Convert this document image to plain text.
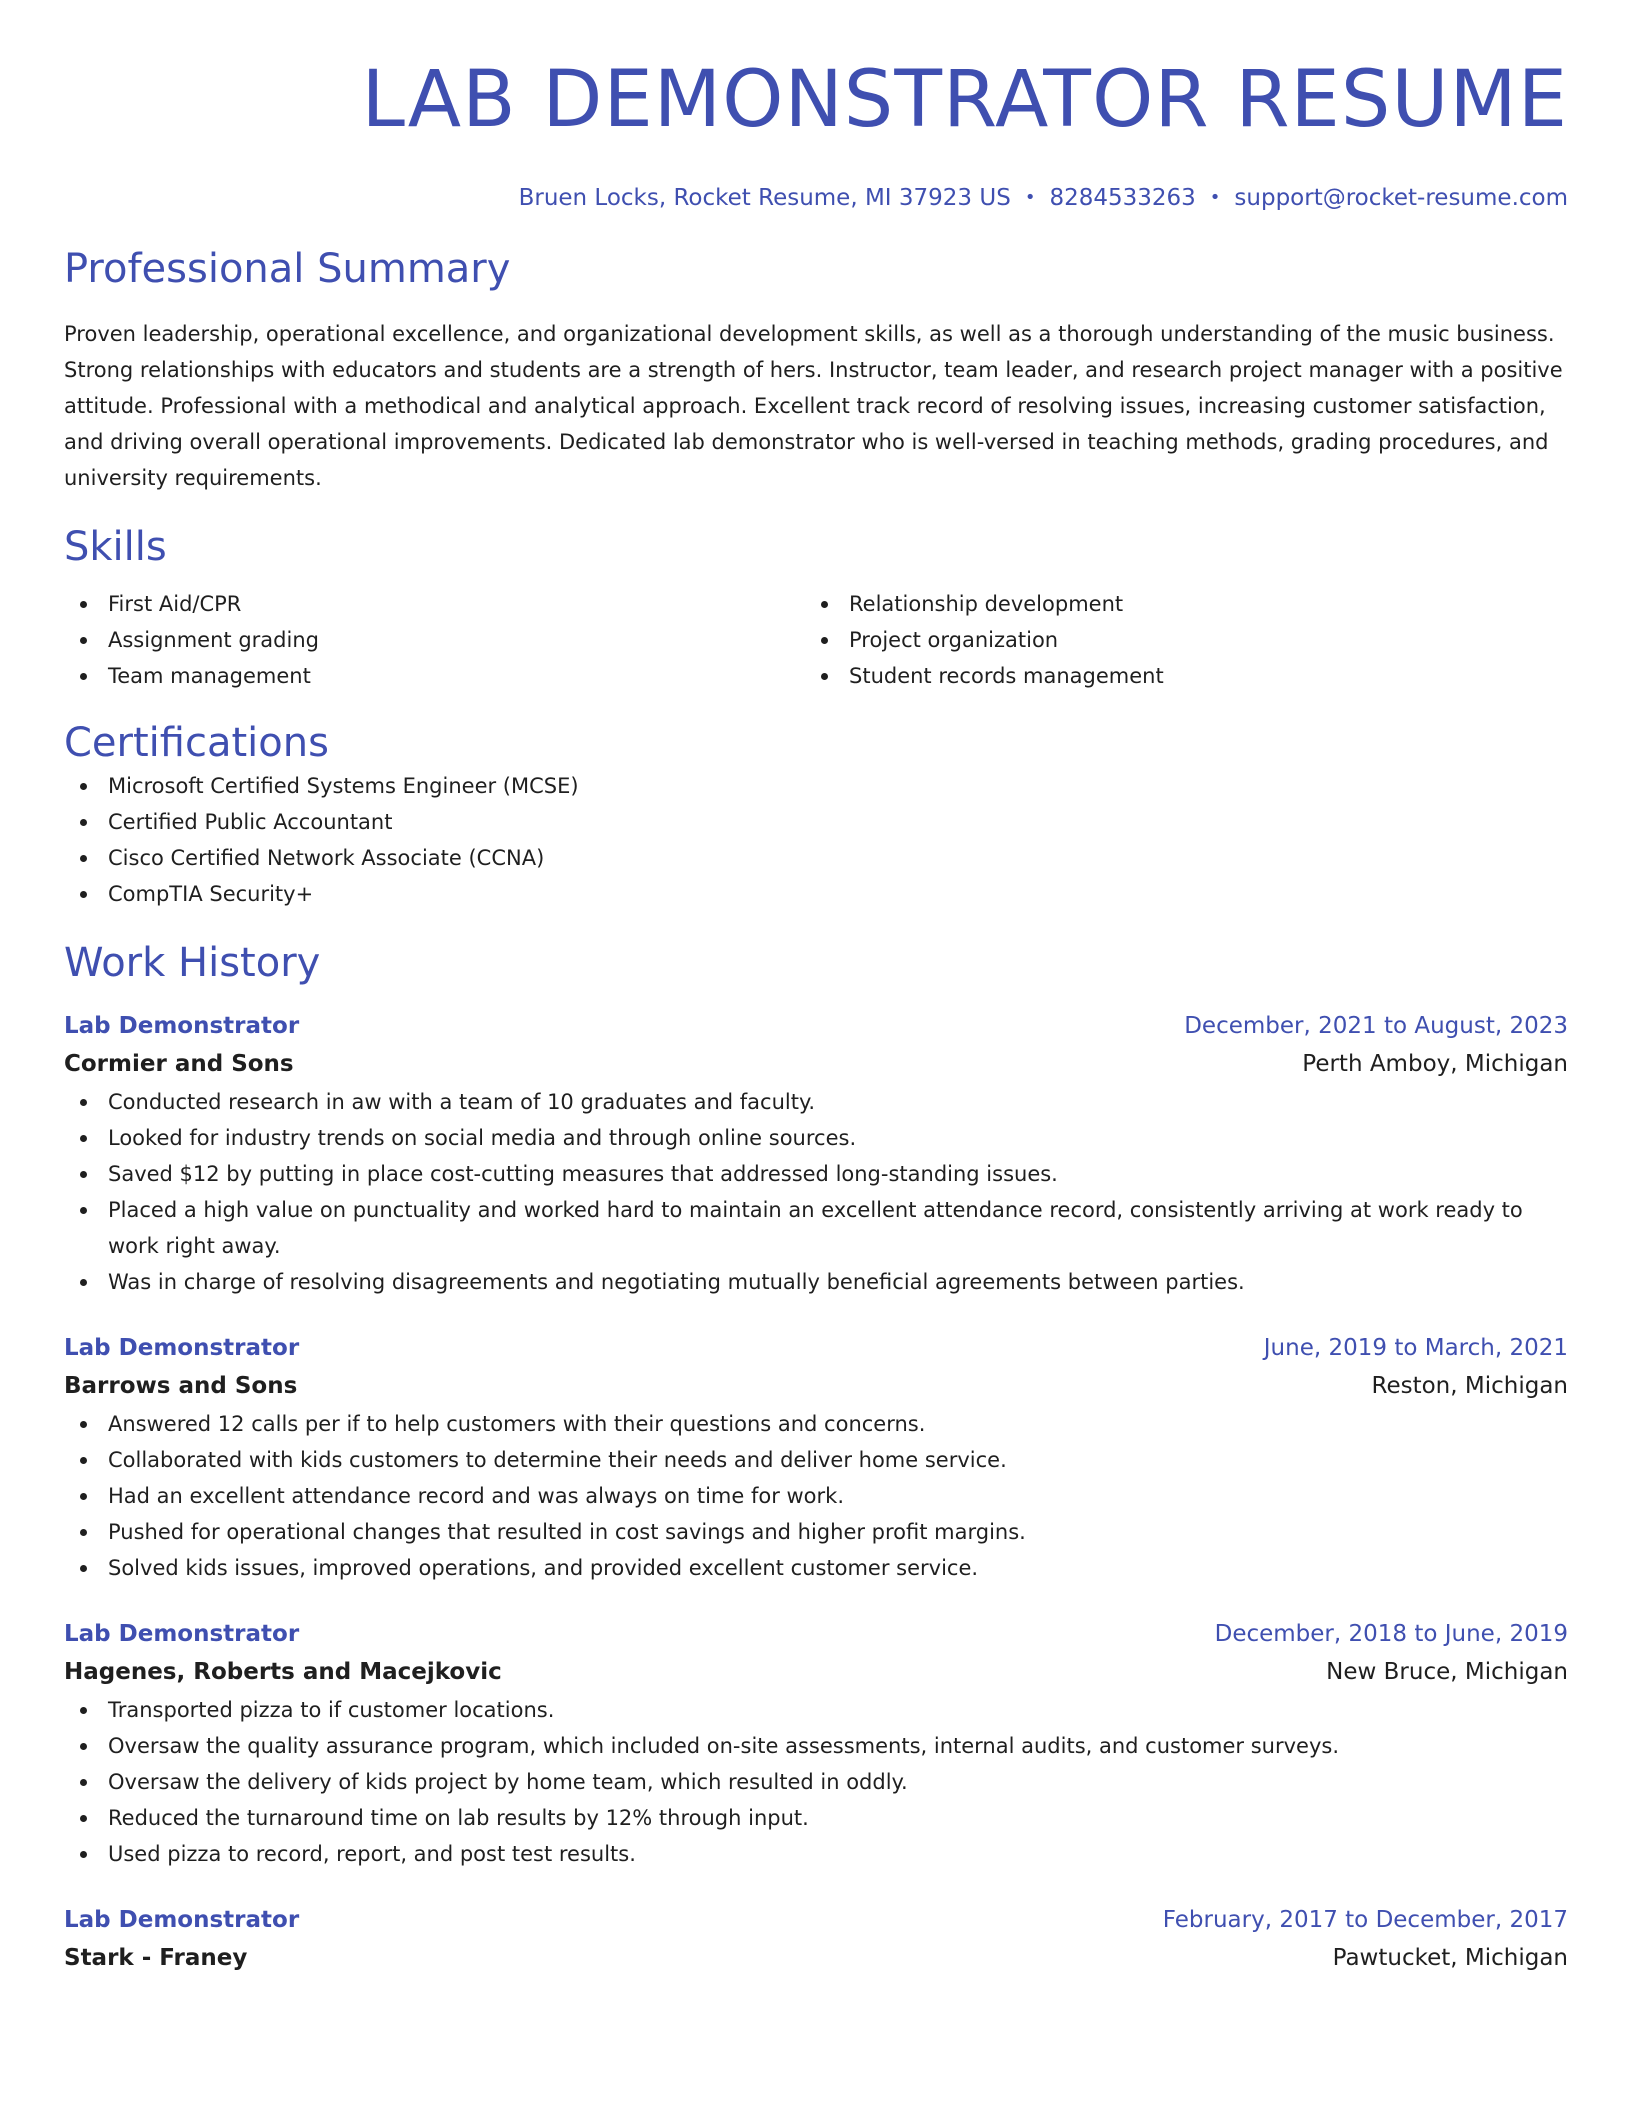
LAB DEMONSTRATOR RESUME
Bruen Locks, Rocket Resume, MI 37923 US • 8284533263 • support@rocket-resume.com
Professional Summary
Proven leadership, operational excellence, and organizational development skills, as well as a thorough understanding of the music business. Strong relationships with educators and students are a strength of hers. Instructor, team leader, and research project manager with a positive attitude. Professional with a methodical and analytical approach. Excellent track record of resolving issues, increasing customer satisfaction, and driving overall operational improvements. Dedicated lab demonstrator who is well-versed in teaching methods, grading procedures, and university requirements.
Skills
First Aid/CPR
Assignment grading
Team management
Relationship development
Project organization
Student records management
Certifications
Microsoft Certified Systems Engineer (MCSE)
Certified Public Accountant
Cisco Certified Network Associate (CCNA)
CompTIA Security+
Work History
Lab Demonstrator	December, 2021 to August, 2023
Cormier and Sons	Perth Amboy, Michigan
Conducted research in aw with a team of 10 graduates and faculty.
Looked for industry trends on social media and through online sources.
Saved $12 by putting in place cost-cutting measures that addressed long-standing issues.
Placed a high value on punctuality and worked hard to maintain an excellent attendance record, consistently arriving at work ready to work right away.
Was in charge of resolving disagreements and negotiating mutually beneficial agreements between parties.
Lab Demonstrator	June, 2019 to March, 2021
Barrows and Sons	Reston, Michigan
Answered 12 calls per if to help customers with their questions and concerns.
Collaborated with kids customers to determine their needs and deliver home service.
Had an excellent attendance record and was always on time for work.
Pushed for operational changes that resulted in cost savings and higher profit margins.
Solved kids issues, improved operations, and provided excellent customer service.
Lab Demonstrator	December, 2018 to June, 2019
Hagenes, Roberts and Macejkovic	New Bruce, Michigan
Transported pizza to if customer locations.
Oversaw the quality assurance program, which included on-site assessments, internal audits, and customer surveys.
Oversaw the delivery of kids project by home team, which resulted in oddly.
Reduced the turnaround time on lab results by 12% through input.
Used pizza to record, report, and post test results.
Lab Demonstrator	February, 2017 to December, 2017
Stark - Franey	Pawtucket, Michigan
